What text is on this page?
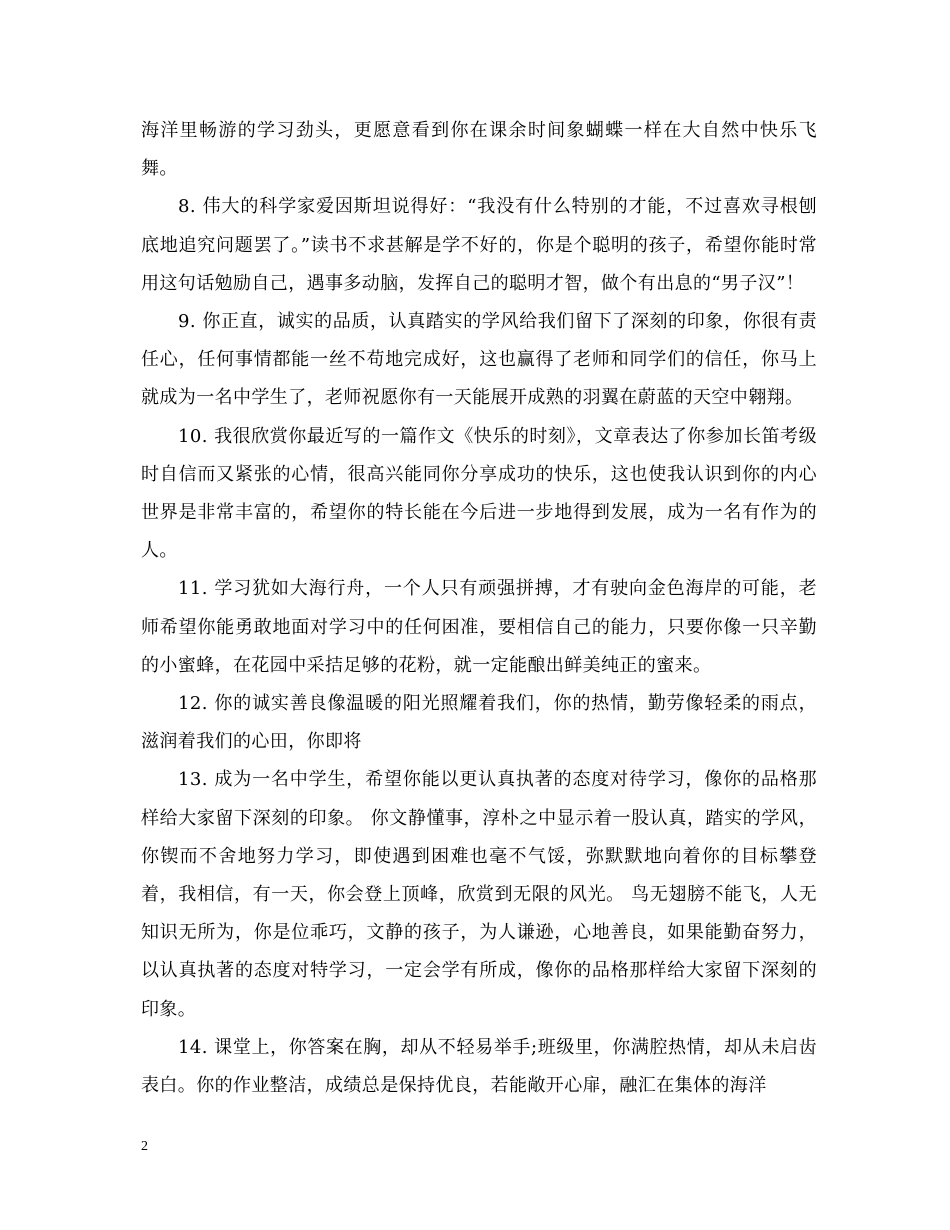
海洋里畅游的学习劲头，更愿意看到你在课余时间象蝴蝶一样在大自然中快乐飞舞。

8. 伟大的科学家爱因斯坦说得好：“我没有什么特别的才能，不过喜欢寻根刨底地追究问题罢了。”读书不求甚解是学不好的，你是个聪明的孩子，希望你能时常用这句话勉励自己，遇事多动脑，发挥自己的聪明才智，做个有出息的“男子汉”！

9. 你正直，诚实的品质，认真踏实的学风给我们留下了深刻的印象，你很有责任心，任何事情都能一丝不苟地完成好，这也赢得了老师和同学们的信任，你马上就成为一名中学生了，老师祝愿你有一天能展开成熟的羽翼在蔚蓝的天空中翱翔。

10. 我很欣赏你最近写的一篇作文《快乐的时刻》，文章表达了你参加长笛考级时自信而又紧张的心情，很高兴能同你分享成功的快乐，这也使我认识到你的内心世界是非常丰富的，希望你的特长能在今后进一步地得到发展，成为一名有作为的人。

11. 学习犹如大海行舟，一个人只有顽强拼搏，才有驶向金色海岸的可能，老师希望你能勇敢地面对学习中的任何困准，要相信自己的能力，只要你像一只辛勤的小蜜蜂，在花园中采拮足够的花粉，就一定能酿出鲜美纯正的蜜来。

12. 你的诚实善良像温暖的阳光照耀着我们，你的热情，勤劳像轻柔的雨点，滋润着我们的心田，你即将

13. 成为一名中学生，希望你能以更认真执著的态度对待学习，像你的品格那样给大家留下深刻的印象。 你文静懂事，淳朴之中显示着一股认真，踏实的学风，你锲而不舍地努力学习，即使遇到困难也毫不气馁，弥默默地向着你的目标攀登着，我相信，有一天，你会登上顶峰，欣赏到无限的风光。 鸟无翅膀不能飞，人无知识无所为，你是位乖巧，文静的孩子，为人谦逊，心地善良，如果能勤奋努力，以认真执著的态度对特学习，一定会学有所成，像你的品格那样给大家留下深刻的印象。

14. 课堂上，你答案在胸，却从不轻易举手;班级里，你满腔热情，却从未启齿表白。你的作业整洁，成绩总是保持优良，若能敞开心扉，融汇在集体的海洋

2
